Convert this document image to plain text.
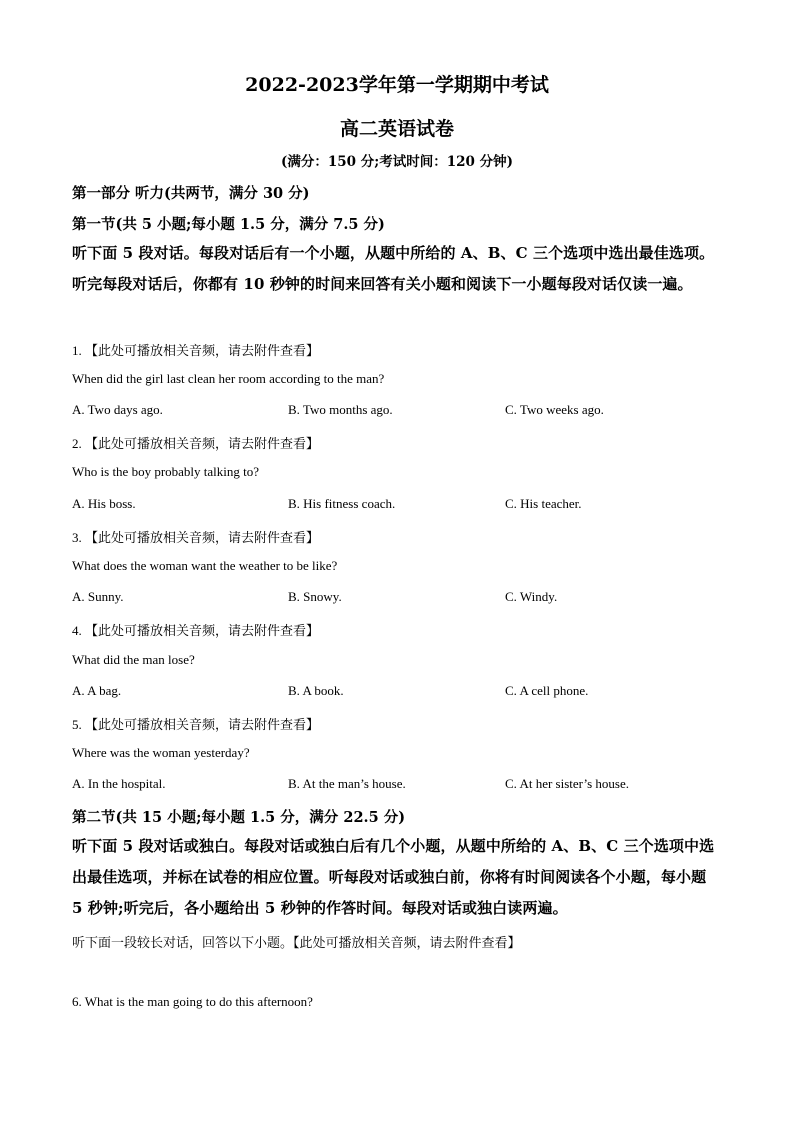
2022-2023学年第一学期期中考试
高二英语试卷
(满分：150 分;考试时间：120 分钟)
第一部分 听力(共两节，满分 30 分)
第一节(共 5 小题;每小题 1.5 分，满分 7.5 分)
听下面 5 段对话。每段对话后有一个小题，从题中所给的 A、B、C 三个选项中选出最佳选项。听完每段对话后，你都有 10 秒钟的时间来回答有关小题和阅读下一小题每段对话仅读一遍。
1. 【此处可播放相关音频，请去附件查看】
When did the girl last clean her room according to the man?
A. Two days ago.	B. Two months ago.	C. Two weeks ago.
2. 【此处可播放相关音频，请去附件查看】
Who is the boy probably talking to?
A. His boss.	B. His fitness coach.	C. His teacher.
3. 【此处可播放相关音频，请去附件查看】
What does the woman want the weather to be like?
A. Sunny.	B. Snowy.	C. Windy.
4. 【此处可播放相关音频，请去附件查看】
What did the man lose?
A. A bag.	B. A book.	C. A cell phone.
5. 【此处可播放相关音频，请去附件查看】
Where was the woman yesterday?
A. In the hospital.	B. At the man’s house.	C. At her sister’s house.
第二节(共 15 小题;每小题 1.5 分，满分 22.5 分)
听下面 5 段对话或独白。每段对话或独白后有几个小题，从题中所给的 A、B、C 三个选项中选出最佳选项，并标在试卷的相应位置。听每段对话或独白前，你将有时间阅读各个小题，每小题 5 秒钟;听完后，各小题给出 5 秒钟的作答时间。每段对话或独白读两遍。
听下面一段较长对话，回答以下小题。【此处可播放相关音频，请去附件查看】
6. What is the man going to do this afternoon?
